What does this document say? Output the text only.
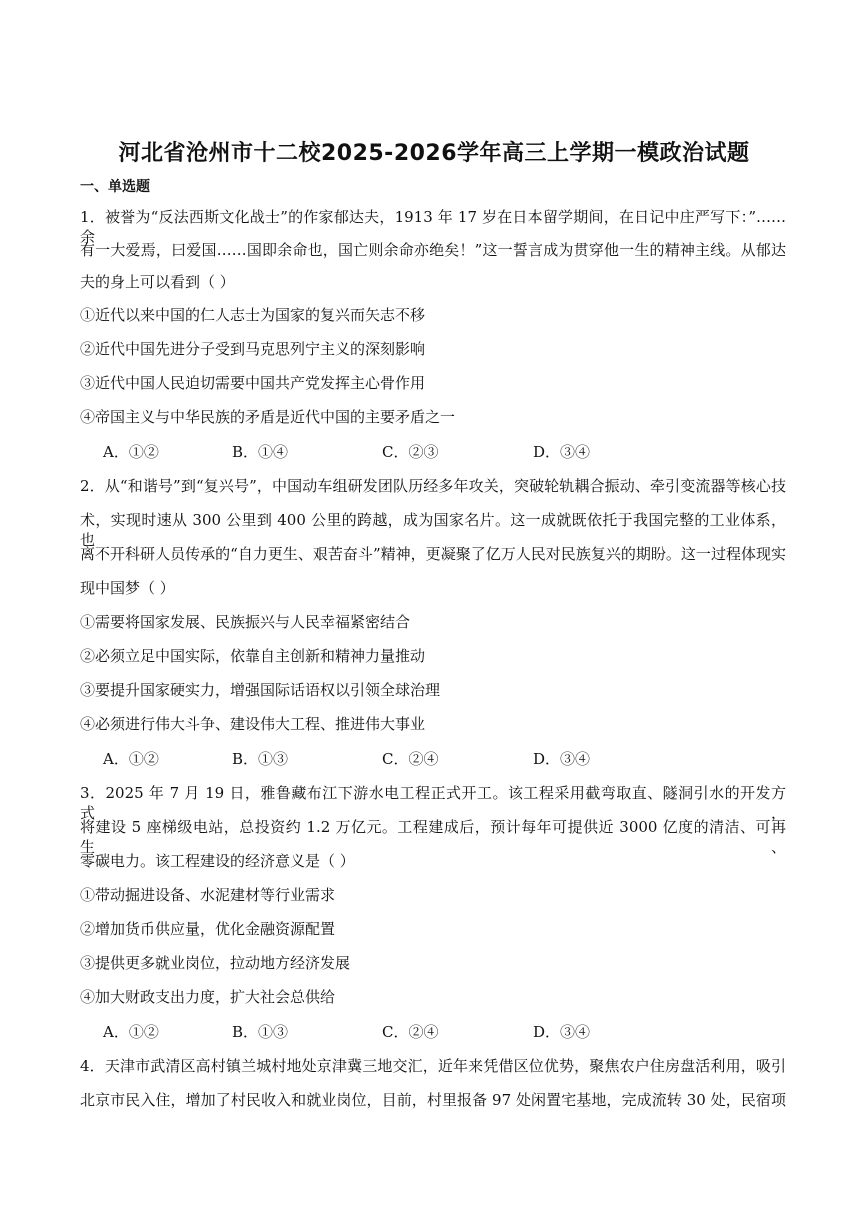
河北省沧州市十二校2025-2026学年高三上学期一模政治试题
一、单选题
1．被誉为“反法西斯文化战士”的作家郁达夫，1913 年 17 岁在日本留学期间，在日记中庄严写下：”……余
有一大爱焉，曰爱国……国即余命也，国亡则余命亦绝矣！”这一誓言成为贯穿他一生的精神主线。从郁达
夫的身上可以看到（ ）
①近代以来中国的仁人志士为国家的复兴而矢志不移
②近代中国先进分子受到马克思列宁主义的深刻影响
③近代中国人民迫切需要中国共产党发挥主心骨作用
④帝国主义与中华民族的矛盾是近代中国的主要矛盾之一
A．①②	B．①④	C．②③	D．③④
2．从“和谐号”到“复兴号”，中国动车组研发团队历经多年攻关，突破轮轨耦合振动、牵引变流器等核心技
术，实现时速从 300 公里到 400 公里的跨越，成为国家名片。这一成就既依托于我国完整的工业体系，也
离不开科研人员传承的“自力更生、艰苦奋斗”精神，更凝聚了亿万人民对民族复兴的期盼。这一过程体现实
现中国梦（ ）
①需要将国家发展、民族振兴与人民幸福紧密结合
②必须立足中国实际，依靠自主创新和精神力量推动
③要提升国家硬实力，增强国际话语权以引领全球治理
④必须进行伟大斗争、建设伟大工程、推进伟大事业
A．①②	B．①③	C．②④	D．③④
3．2025 年 7 月 19 日，雅鲁藏布江下游水电工程正式开工。该工程采用截弯取直、隧洞引水的开发方式，
将建设 5 座梯级电站，总投资约 1.2 万亿元。工程建成后，预计每年可提供近 3000 亿度的清洁、可再生、
零碳电力。该工程建设的经济意义是（ ）
①带动掘进设备、水泥建材等行业需求
②增加货币供应量，优化金融资源配置
③提供更多就业岗位，拉动地方经济发展
④加大财政支出力度，扩大社会总供给
A．①②	B．①③	C．②④	D．③④
4．天津市武清区高村镇兰城村地处京津冀三地交汇，近年来凭借区位优势，聚焦农户住房盘活利用，吸引
北京市民入住，增加了村民收入和就业岗位，目前，村里报备 97 处闲置宅基地，完成流转 30 处，民宿项
